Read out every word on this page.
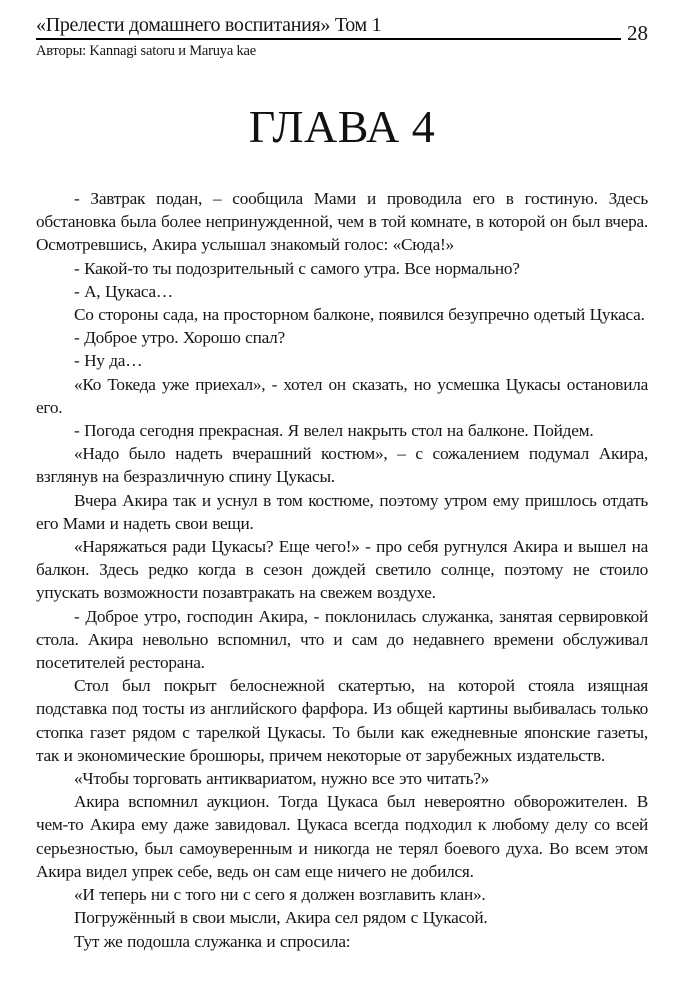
«Прелести домашнего воспитания» Том 1	28
Авторы: Kannagi satoru и Maruya kae
ГЛАВА 4

- Завтрак подан, – сообщила Мами и проводила его в гостиную. Здесь обстановка была более непринужденной, чем в той комнате, в которой он был вчера. Осмотревшись, Акира услышал знакомый голос: «Сюда!»

- Какой-то ты подозрительный с самого утра. Все нормально?

- А, Цукаса…

Со стороны сада, на просторном балконе, появился безупречно одетый Цукаса.

- Доброе утро. Хорошо спал?

- Ну да…

«Ко Токеда уже приехал», - хотел он сказать, но усмешка Цукасы остановила его.

- Погода сегодня прекрасная. Я велел накрыть стол на балконе. Пойдем.

«Надо было надеть вчерашний костюм», – с сожалением подумал Акира, взглянув на безразличную спину Цукасы.

Вчера Акира так и уснул в том костюме, поэтому утром ему пришлось отдать его Мами и надеть свои вещи.

«Наряжаться ради Цукасы? Еще чего!» - про себя ругнулся Акира и вышел на балкон. Здесь редко когда в сезон дождей светило солнце, поэтому не стоило упускать возможности позавтракать на свежем воздухе.

- Доброе утро, господин Акира, - поклонилась служанка, занятая сервировкой стола. Акира невольно вспомнил, что и сам до недавнего времени обслуживал посетителей ресторана.

Стол был покрыт белоснежной скатертью, на которой стояла изящная подставка под тосты из английского фарфора. Из общей картины выбивалась только стопка газет рядом с тарелкой Цукасы. То были как ежедневные японские газеты, так и экономические брошюры, причем некоторые от зарубежных издательств.

«Чтобы торговать антиквариатом, нужно все это читать?»

Акира вспомнил аукцион. Тогда Цукаса был невероятно обворожителен. В чем-то Акира ему даже завидовал. Цукаса всегда подходил к любому делу со всей серьезностью, был самоуверенным и никогда не терял боевого духа. Во всем этом Акира видел упрек себе, ведь он сам еще ничего не добился.

«И теперь ни с того ни с сего я должен возглавить клан».

Погружённый в свои мысли, Акира сел рядом с Цукасой.

Тут же подошла служанка и спросила:
